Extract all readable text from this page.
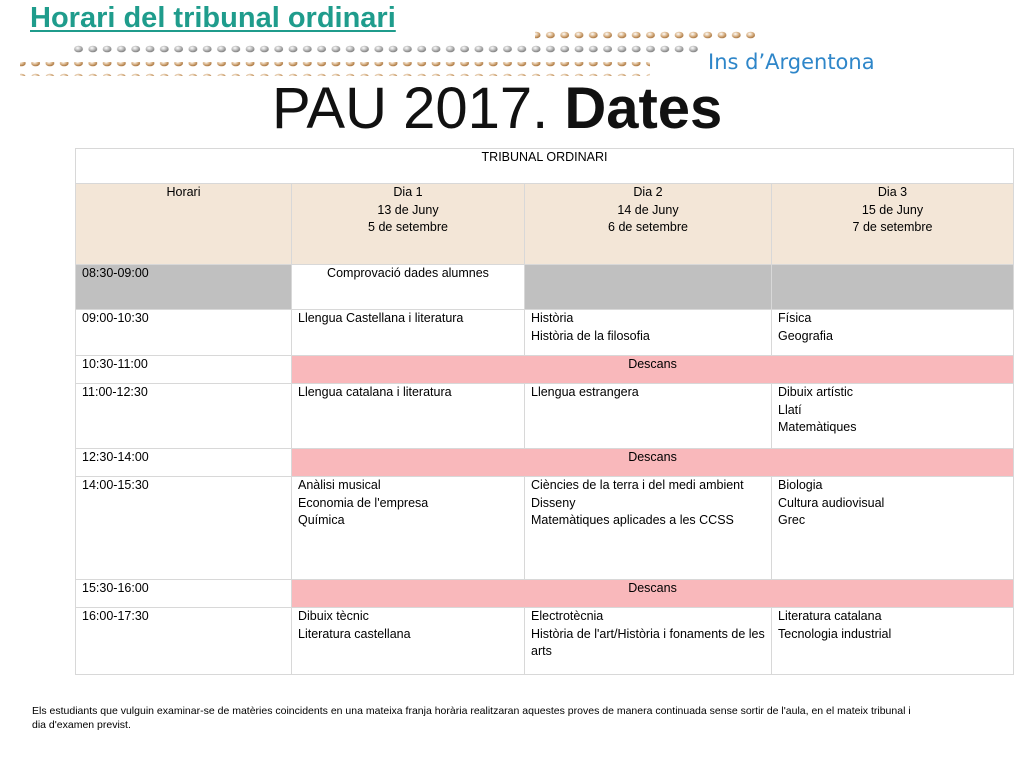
Horari del tribunal ordinari
Ins d’Argentona
PAU 2017. Dates
TRIBUNAL ORDINARI			

Horari	Dia 1
13 de Juny
5 de setembre	Dia 2
14 de Juny
6 de setembre	Dia 3
15 de Juny
7 de setembre

08:30-09:00	Comprovació dades alumnes		

09:00-10:30	Llengua Castellana i literatura	Història
Història de la filosofia	Física
Geografia

10:30-11:00	Descans		
11:00-12:30	Llengua catalana i literatura	Llengua estrangera	Dibuix artístic
Llatí
Matemàtiques

12:30-14:00	Descans		
14:00-15:30	Anàlisi musical
Economia de l'empresa
Química	Ciències de la terra i del medi ambient
Disseny
Matemàtiques aplicades a les CCSS	Biologia
Cultura audiovisual
Grec

15:30-16:00	Descans		
16:00-17:30	Dibuix tècnic
Literatura castellana	Electrotècnia
Història de l'art/Història i fonaments de les arts	Literatura catalana
Tecnologia industrial
Els estudiants que vulguin examinar-se de matèries coincidents en una mateixa franja horària realitzaran aquestes proves de manera continuada sense sortir de l'aula, en el mateix tribunal i dia d'examen previst.
